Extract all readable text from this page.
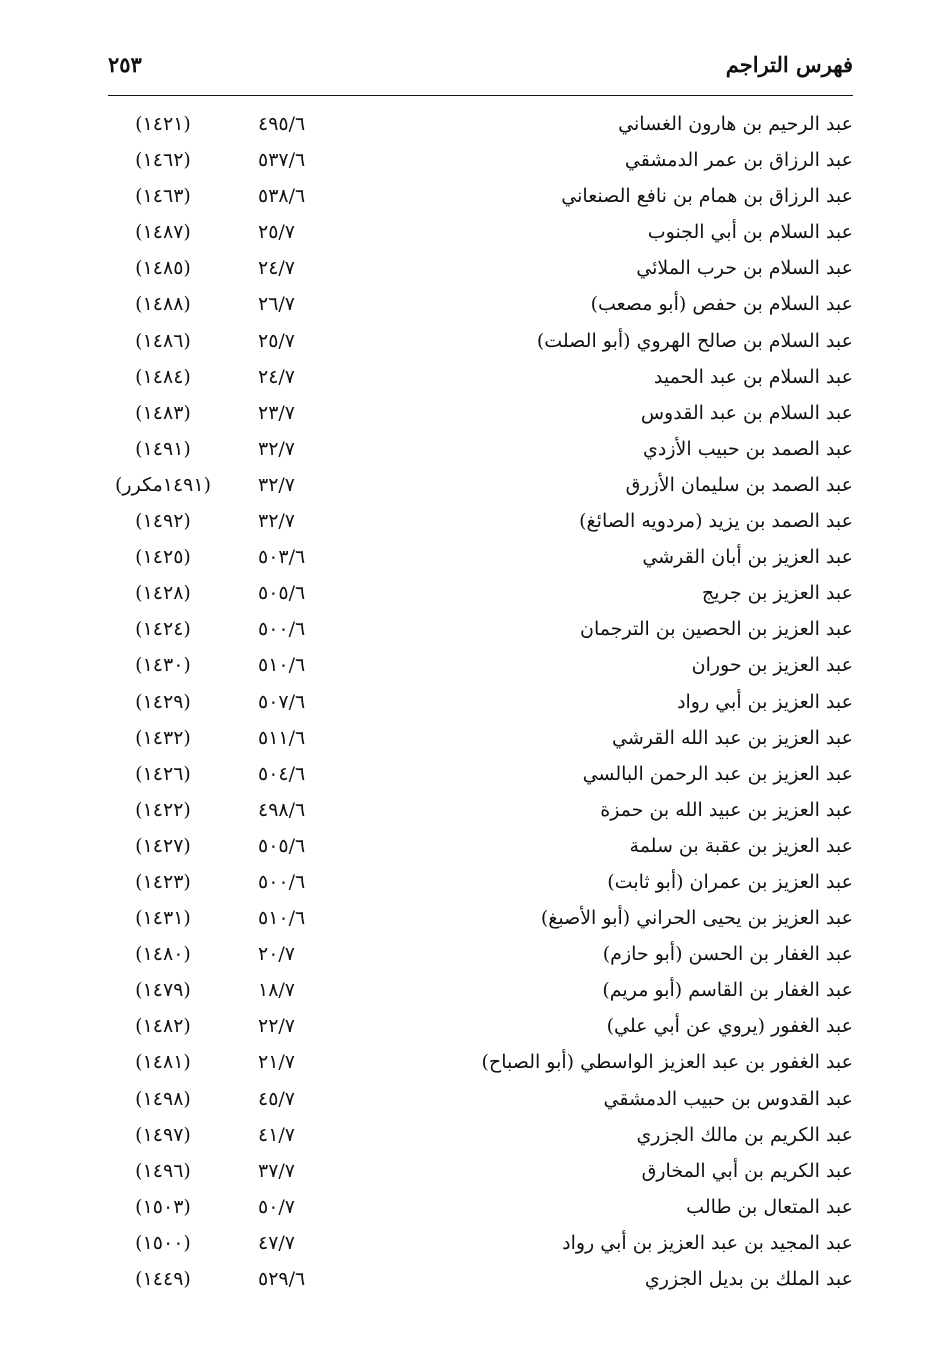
فهرس التراجم
٢٥٣
عبد الرحيم بن هارون الغساني
٤٩٥/٦
(١٤٢١)
عبد الرزاق بن عمر الدمشقي
٥٣٧/٦
(١٤٦٢)
عبد الرزاق بن همام بن نافع الصنعاني
٥٣٨/٦
(١٤٦٣)
عبد السلام بن أبي الجنوب
٢٥/٧
(١٤٨٧)
عبد السلام بن حرب الملائي
٢٤/٧
(١٤٨٥)
عبد السلام بن حفص (أبو مصعب)
٢٦/٧
(١٤٨٨)
عبد السلام بن صالح الهروي (أبو الصلت)
٢٥/٧
(١٤٨٦)
عبد السلام بن عبد الحميد
٢٤/٧
(١٤٨٤)
عبد السلام بن عبد القدوس
٢٣/٧
(١٤٨٣)
عبد الصمد بن حبيب الأزدي
٣٢/٧
(١٤٩١)
عبد الصمد بن سليمان الأزرق
٣٢/٧
(١٤٩١مكرر)
عبد الصمد بن يزيد (مردويه الصائغ)
٣٢/٧
(١٤٩٢)
عبد العزيز بن أبان القرشي
٥٠٣/٦
(١٤٢٥)
عبد العزيز بن جريج
٥٠٥/٦
(١٤٢٨)
عبد العزيز بن الحصين بن الترجمان
٥٠٠/٦
(١٤٢٤)
عبد العزيز بن حوران
٥١٠/٦
(١٤٣٠)
عبد العزيز بن أبي رواد
٥٠٧/٦
(١٤٢٩)
عبد العزيز بن عبد الله القرشي
٥١١/٦
(١٤٣٢)
عبد العزيز بن عبد الرحمن البالسي
٥٠٤/٦
(١٤٢٦)
عبد العزيز بن عبيد الله بن حمزة
٤٩٨/٦
(١٤٢٢)
عبد العزيز بن عقبة بن سلمة
٥٠٥/٦
(١٤٢٧)
عبد العزيز بن عمران (أبو ثابت)
٥٠٠/٦
(١٤٢٣)
عبد العزيز بن يحيى الحراني (أبو الأصبغ)
٥١٠/٦
(١٤٣١)
عبد الغفار بن الحسن (أبو حازم)
٢٠/٧
(١٤٨٠)
عبد الغفار بن القاسم (أبو مريم)
١٨/٧
(١٤٧٩)
عبد الغفور (يروي عن أبي علي)
٢٢/٧
(١٤٨٢)
عبد الغفور بن عبد العزيز الواسطي (أبو الصباح)
٢١/٧
(١٤٨١)
عبد القدوس بن حبيب الدمشقي
٤٥/٧
(١٤٩٨)
عبد الكريم بن مالك الجزري
٤١/٧
(١٤٩٧)
عبد الكريم بن أبي المخارق
٣٧/٧
(١٤٩٦)
عبد المتعال بن طالب
٥٠/٧
(١٥٠٣)
عبد المجيد بن عبد العزيز بن أبي رواد
٤٧/٧
(١٥٠٠)
عبد الملك بن بديل الجزري
٥٢٩/٦
(١٤٤٩)
